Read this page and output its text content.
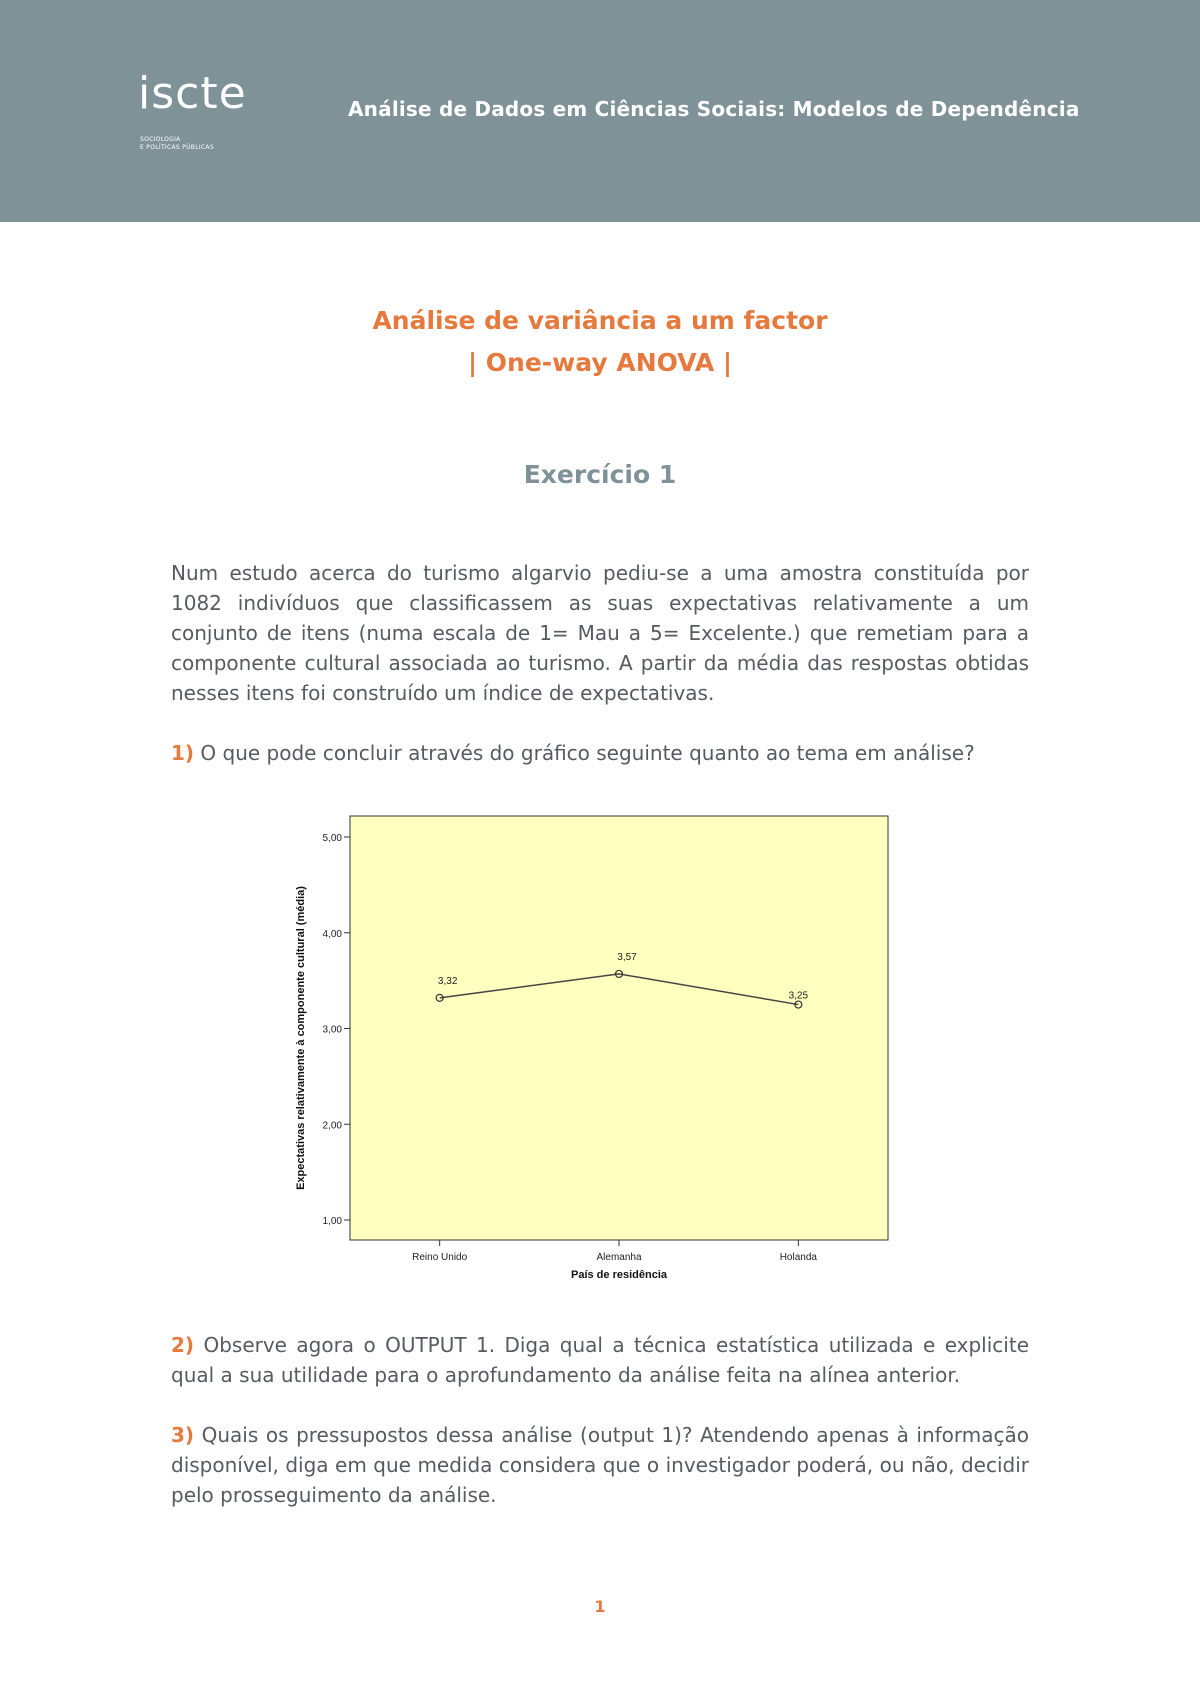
iscte
SOCIOLOGIA
E POLÍTICAS PÚBLICAS
Análise de Dados em Ciências Sociais: Modelos de Dependência
Análise de variância a um factor
| One-way ANOVA |
Exercício 1
Num estudo acerca do turismo algarvio pediu-se a uma amostra constituída por 1082 indivíduos que classificassem as suas expectativas relativamente a um conjunto de itens (numa escala de 1= Mau a 5= Excelente.) que remetiam para a componente cultural associada ao turismo. A partir da média das respostas obtidas nesses itens foi construído um índice de expectativas.
1) O que pode concluir através do gráfico seguinte quanto ao tema em análise?
1,00
2,00
3,00
4,00
5,00
Reino Unido	Alemanha	Holanda
3,32
3,57
3,25
País de residência
Expectativas relativamente à componente cultural (média)
2) Observe agora o OUTPUT 1. Diga qual a técnica estatística utilizada e explicite qual a sua utilidade para o aprofundamento da análise feita na alínea anterior.
3) Quais os pressupostos dessa análise (output 1)? Atendendo apenas à informação disponível, diga em que medida considera que o investigador poderá, ou não, decidir pelo prosseguimento da análise.
1
